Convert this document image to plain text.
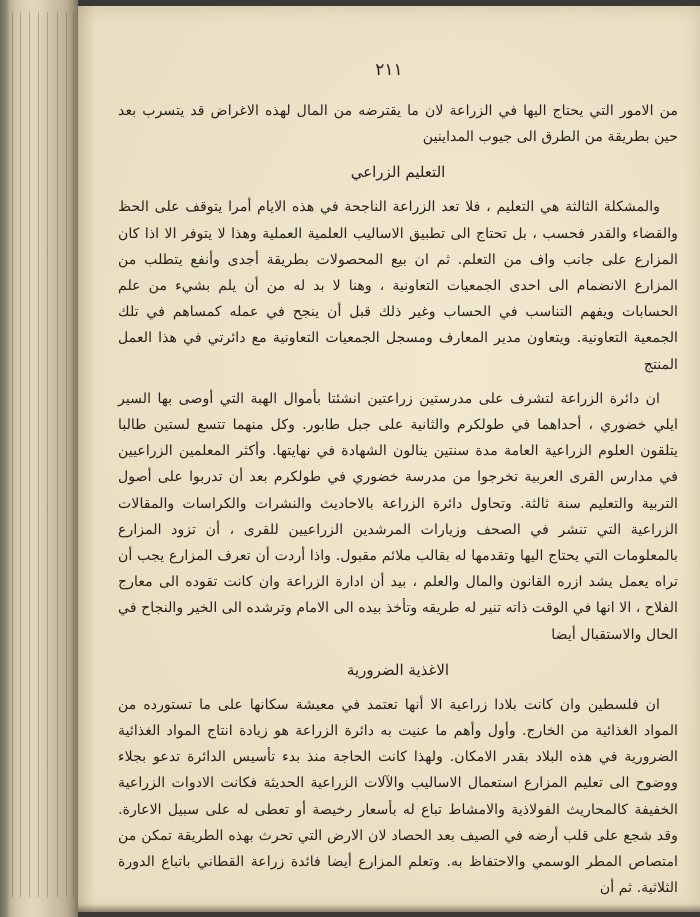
٢١١

من الامور التي يحتاج اليها في الزراعة لان ما يقترضه من المال لهذه الاغراض قد يتسرب بعد حين بطريقة من الطرق الى جيوب المداينين

التعليم الزراعي

والمشكلة الثالثة هي التعليم ، فلا تعد الزراعة الناجحة في هذه الايام أمرا يتوقف على الحظ والقضاء والقدر فحسب ، بل تحتاج الى تطبيق الاساليب العلمية العملية وهذا لا يتوفر الا اذا كان المزارع على جانب واف من التعلم. ثم ان بيع المحصولات بطريقة أجدى وأنفع يتطلب من المزارع الانضمام الى احدى الجمعيات التعاونية ، وهنا لا بد له من أن يلم بشيء من علم الحسابات ويفهم التناسب في الحساب وغير ذلك قبل أن ينجح في عمله كمساهم في تلك الجمعية التعاونية. ويتعاون مدير المعارف ومسجل الجمعيات التعاونية مع دائرتي في هذا العمل المنتج

ان دائرة الزراعة لتشرف على مدرستين زراعتين انشئتا بأموال الهبة التي أوصى بها السير ايلي خضوري ، أحداهما في طولكرم والثانية على جبل طابور. وكل منهما تتسع لستين طالبا يتلقون العلوم الزراعية العامة مدة سنتين ينالون الشهادة في نهايتها. وأكثر المعلمين الزراعيين في مدارس القرى العربية تخرجوا من مدرسة خضوري في طولكرم بعد أن تدربوا على أصول التربية والتعليم سنة ثالثة. وتحاول دائرة الزراعة بالاحاديث والنشرات والكراسات والمقالات الزراعية التي تنشر في الصحف وزيارات المرشدين الزراعيين للقرى ، أن تزود المزارع بالمعلومات التي يحتاج اليها وتقدمها له بقالب ملائم مقبول. واذا أردت أن تعرف المزارع يجب أن تراه يعمل يشد ازره القانون والمال والعلم ، بيد أن ادارة الزراعة وان كانت تقوده الى معارج الفلاح ، الا انها في الوقت ذاته تنير له طريقه وتأخذ بيده الى الامام وترشده الى الخير والنجاح في الحال والاستقبال أيضا

الاغذية الضرورية

ان فلسطين وان كانت بلادا زراعية الا أنها تعتمد في معيشة سكانها على ما تستورده من المواد الغذائية من الخارج. وأول وأهم ما عنيت به دائرة الزراعة هو زيادة انتاج المواد الغذائية الضرورية في هذه البلاد بقدر الامكان. ولهذا كانت الحاجة منذ بدء تأسيس الدائرة تدعو بجلاء ووضوح الى تعليم المزارع استعمال الاساليب والآلات الزراعية الحديثة فكانت الادوات الزراعية الخفيفة كالمحاريث الفولاذية والامشاط تباع له بأسعار رخيصة أو تعطى له على سبيل الاعارة. وقد شجع على قلب أرضه في الصيف بعد الحصاد لان الارض التي تحرث بهذه الطريقة تمكن من امتصاص المطر الوسمي والاحتفاظ به. وتعلم المزارع أيضا فائدة زراعة القطاني باتباع الدورة الثلاثية. ثم أن
